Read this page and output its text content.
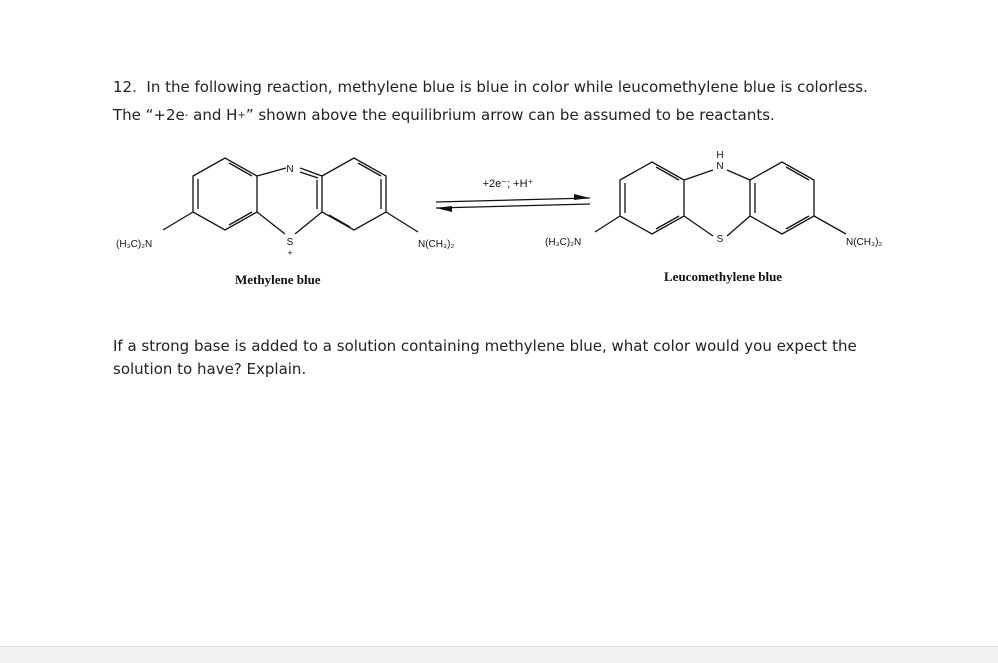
12. In the following reaction, methylene blue is blue in color while leucomethylene blue is colorless.
The “+2e- and H+” shown above the equilibrium arrow can be assumed to be reactants.
N
S
+
(H₃C)₂N	N(CH₃)₂
+2e⁻; +H⁺
H
N
S
(H₃C)₂N	N(CH₃)₂
Methylene blue	Leucomethylene blue
If a strong base is added to a solution containing methylene blue, what color would you expect the
solution to have? Explain.
